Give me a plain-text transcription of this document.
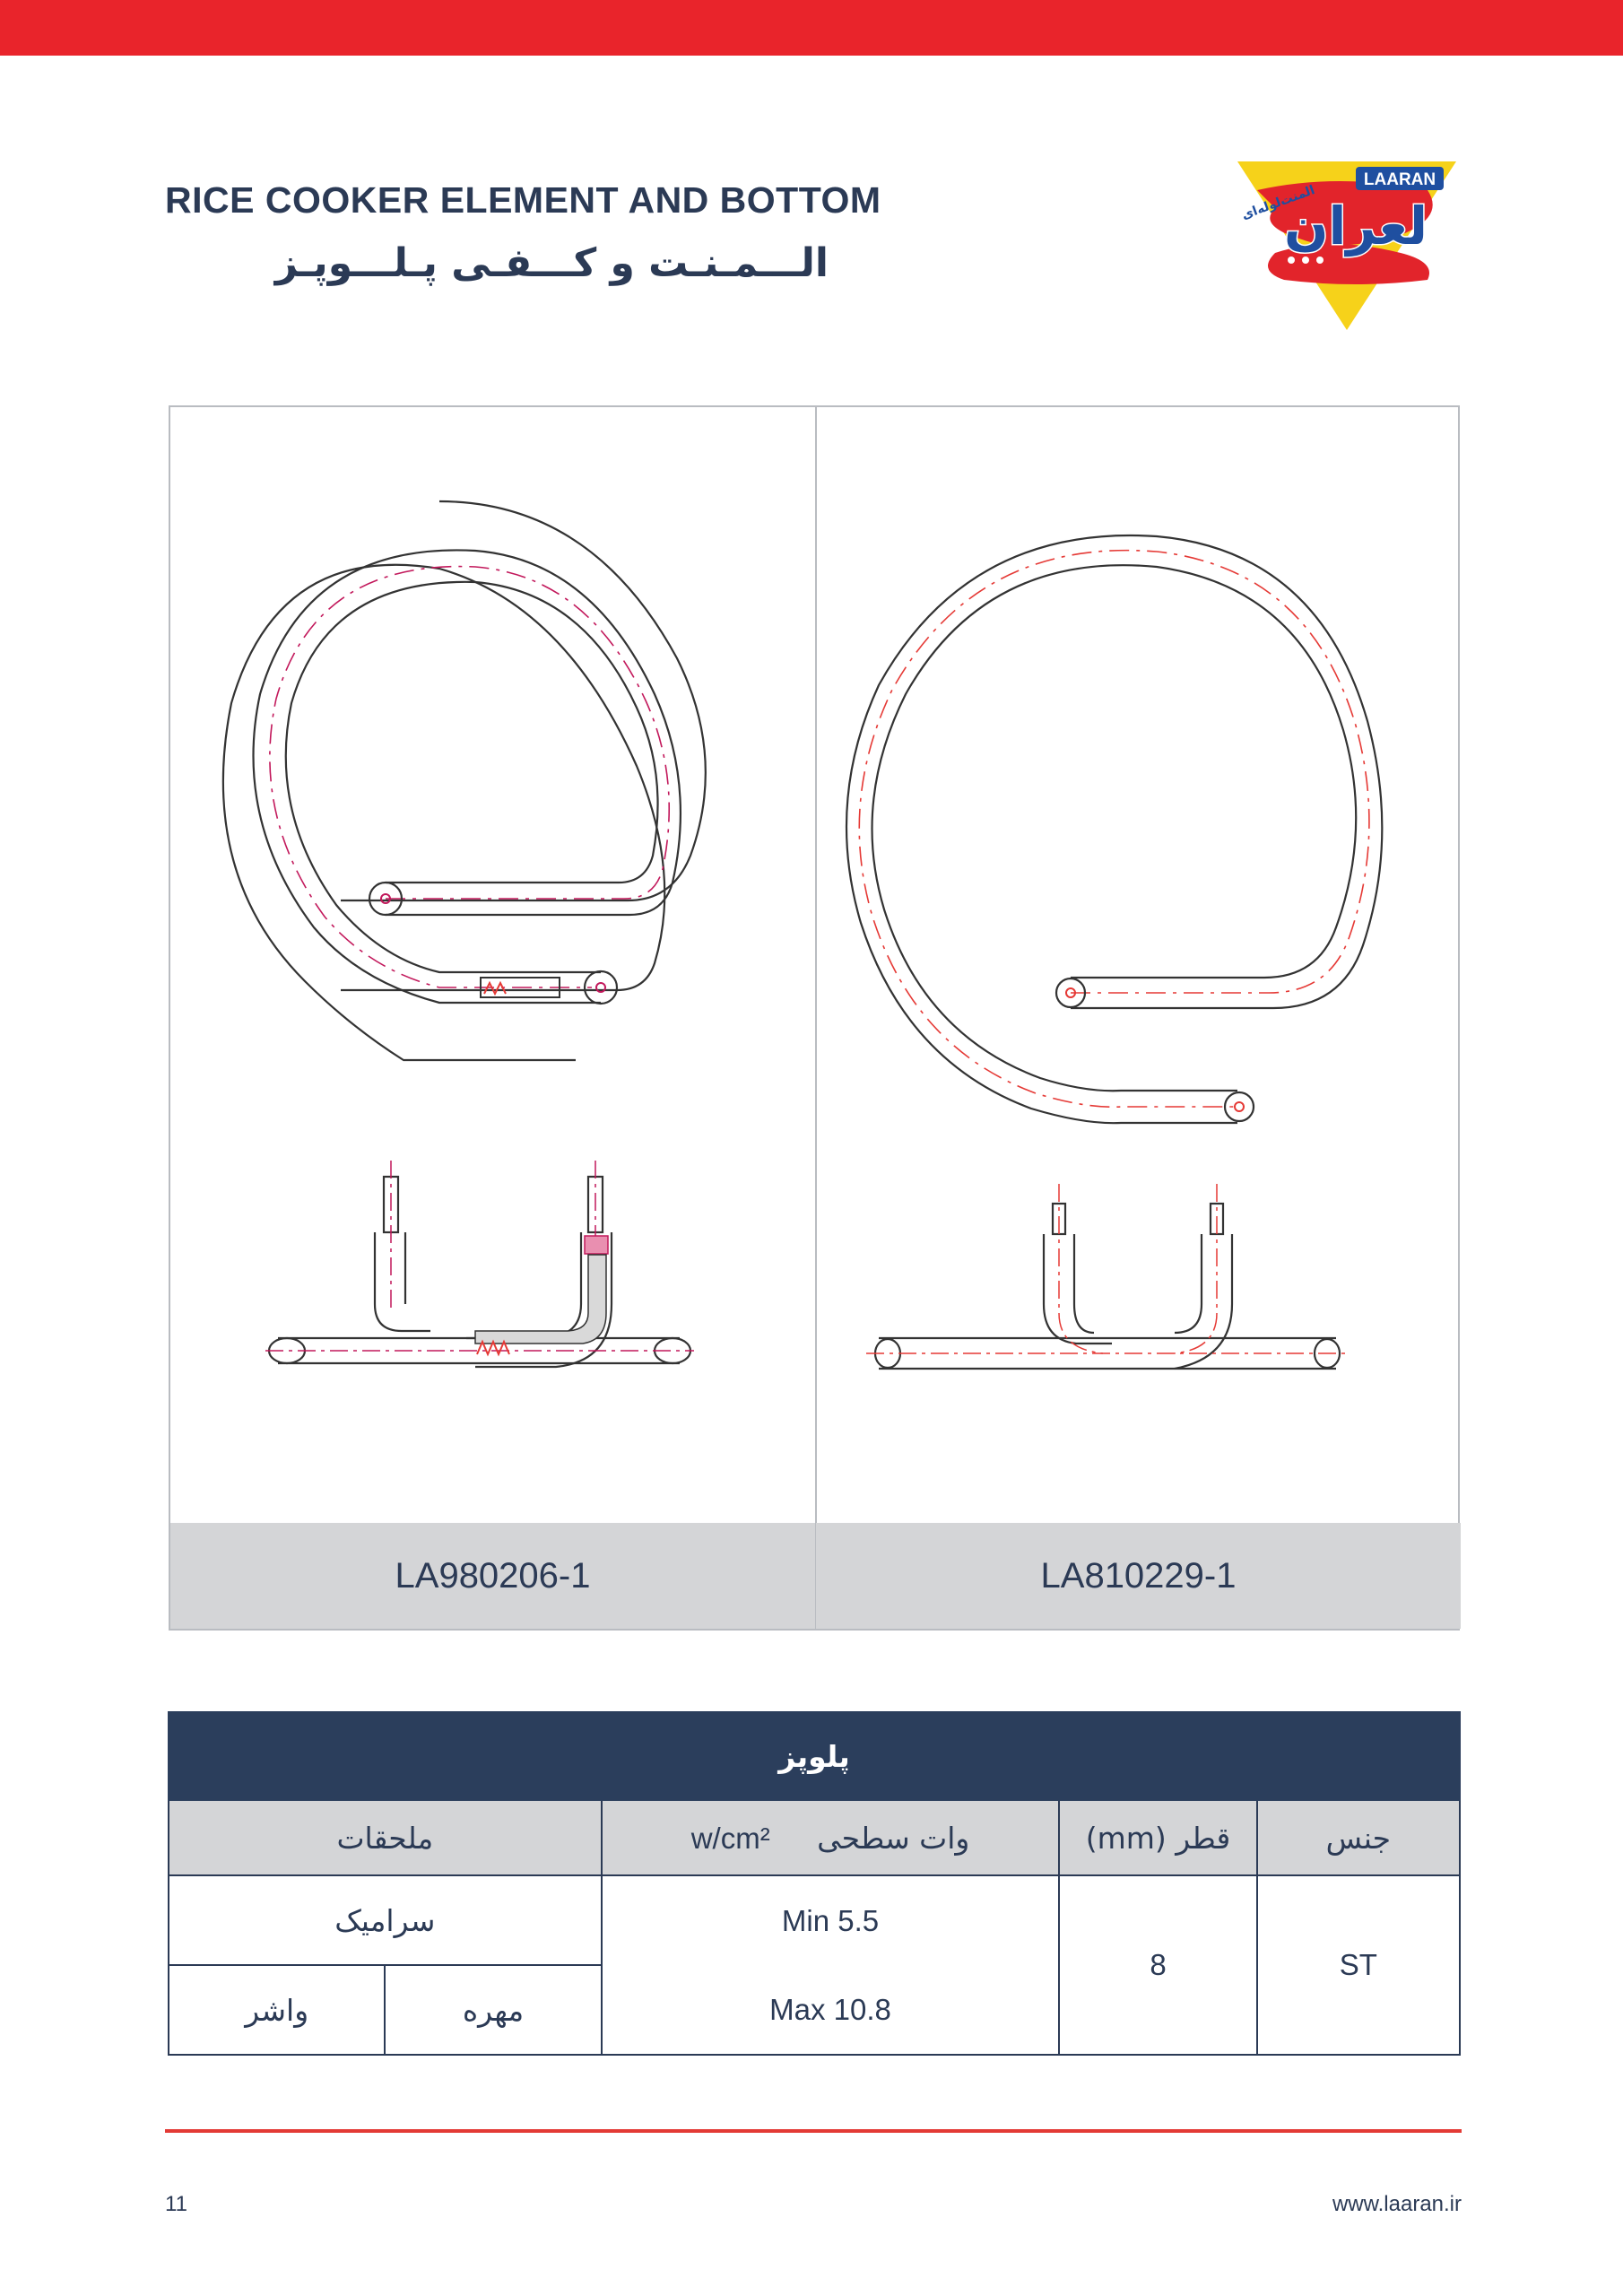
RICE COOKER ELEMENT AND BOTTOM
الـــمـنـت و کـــفـی پـلـــوپـز
LAARAN
لعران
المنت‌لوله‌ای
LA980206-1	LA810229-1
پلوپز				
جنس	قطر (mm)	وات سطحی     w/cm²	ملحقات	
ST	8	Min 5.5	سرامیک	
		Max 10.8	مهره	واشر
11	www.laaran.ir
